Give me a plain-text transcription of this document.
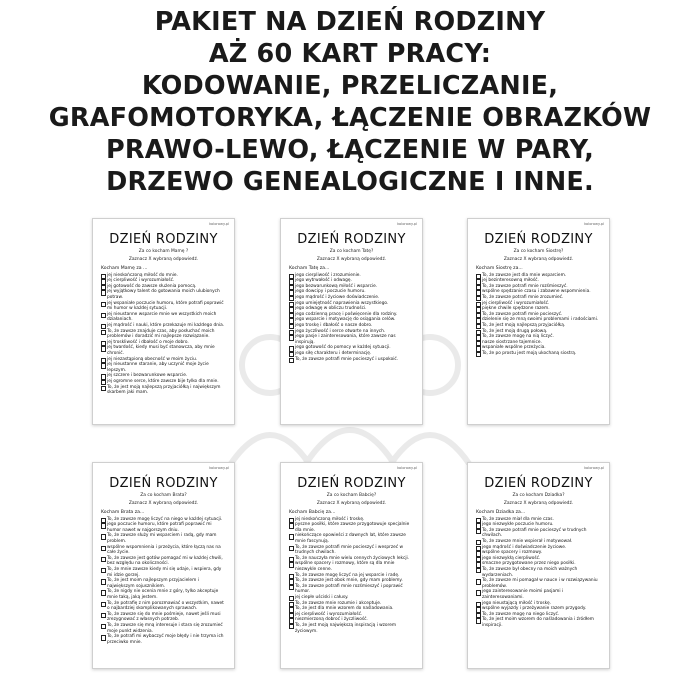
PAKIET NA DZIEŃ RODZINY
AŻ 60 KART PRACY:
KODOWANIE, PRZELICZANIE,
GRAFOMOTORYKA, ŁĄCZENIE OBRAZKÓW
PRAWO-LEWO, ŁĄCZENIE W PARY,
DRZEWO GENEALOGICZNE I INNE.
kolorowy.pl
DZIEŃ RODZINY
Za co kocham Mamę ?
Zaznacz X wybraną odpowiedź.
Kocham Mamę za ...
jej nieskończoną miłość do mnie.
jej cierpliwość i wyrozumiałość.
jej gotowość do zawsze służenia pomocą.
jej wyjątkowy talent do gotowania moich ulubionych potraw.
jej wspaniałe poczucie humoru, które potrafi poprawić mi humor w każdej sytuacji.
jej nieustanne wsparcie mnie we wszystkich moich działaniach.
jej mądrość i nauki, które przekazuje mi każdego dnia.
To, że zawsze znajduje czas, aby posłuchać moich problemów i doradzić mi najlepsze rozwiązanie.
jej troskliwość i dbałość o moje dobro.
jej twardość, kiedy musi być stanowcza, aby mnie chronić.
jej niezastąpioną obecność w moim życiu.
jej nieustanne staranie, aby uczynić moje życie lepszym.
jej szczere i bezwarunkowe wsparcie.
jej ogromne serce, które zawsze bije tylko dla mnie.
To, że jest moją najlepszą przyjaciółką i największym skarbem jaki mam.
kolorowy.pl
DZIEŃ RODZINY
Za co kocham Tatę?
Zaznacz X wybraną odpowiedź.
Kocham Tatę za...
jego cierpliwość i zrozumienie.
jego wytrwałość i odwagę.
jego bezwarunkową miłość i wsparcie.
jego dowcipy i poczucie humoru.
jego mądrość i życiowe doświadczenie.
jego umiejętność naprawienia wszystkiego.
jego odwagę w obliczu trudności.
jego codzienną pracę i poświęcenie dla rodziny.
jego wsparcie i motywację do osiągania celów.
jego troskę i dbałość o nasze dobro.
jego życzliwość i serce otwarte na innych.
jego pasje i zainteresowania, które zawsze nas inspirują.
jego gotowość do pomocy w każdej sytuacji.
jego siłę charakteru i determinację.
To, że zawsze potrafi mnie pocieszyć i uspokoić.
kolorowy.pl
DZIEŃ RODZINY
Za co kocham Siostrę?
Zaznacz X wybraną odpowiedź.
Kocham Siostrę za...
To, że zawsze jest dla mnie wsparciem.
jej bezinteresowną miłość.
To, że zawsze potrafi mnie rozśmieszyć.
wspólne spędzanie czasu i zabawne wspomnienia.
To, że zawsze potrafi mnie zrozumieć.
jej cierpliwość i wyrozumiałość.
piękne chwile spędzone razem.
To, że zawsze potrafi mnie pocieszyć.
dzielenie się ze mną swoimi problemami i radościami.
To, że jest moją najlepszą przyjaciółką.
To, że jest moją drugą połową.
To, że zawsze mogę na nią liczyć.
nasze siostrzane tajemnice.
wspaniałe wspólne przeżycia.
To, że po prostu jest moją ukochaną siostrą.
kolorowy.pl
DZIEŃ RODZINY
Za co kocham Brata?
Zaznacz X wybraną odpowiedź.
Kocham Brata za...
To, że zawsze mogę liczyć na niego w każdej sytuacji.
jego poczucie humoru, które potrafi poprawić mi humor nawet w najgorszym dniu.
To, że zawsze służy mi wsparciem i radą, gdy mam problem.
wspólne wspomnienia i przeżycia, które łączą nas na całe życie.
To, że zawsze jest gotów pomagać mi w każdej chwili, bez względu na okoliczności.
To, że mnie zawsze kiedy mi się udaje, i wspiera, gdy mi idzie gorzej.
To, że jest moim najlepszym przyjacielem i największym sojusznikiem.
To, że nigdy nie ocenia mnie z góry, tylko akceptuje mnie taką, jaką jestem.
To, że potrafię z nim porozmawiać o wszystkim, nawet o najbardziej skomplikowanych sprawach.
To, że zawsze się do mnie pośmieje, nawet jeśli musi zrezygnować z własnych potrzeb.
To, że zawsze się mną interesuje i stara się zrozumieć moje punkt widzenia.
To, że potrafi mi wybaczyć moje błędy i nie trzyma ich przeciwko mnie.
kolorowy.pl
DZIEŃ RODZINY
Za co kocham Babcię?
Zaznacz X wybraną odpowiedź.
Kocham Babcię za...
jej nieskończoną miłość i troskę.
pyszne posiłki, które zawsze przygotowuje specjalnie dla mnie.
niekończące opowieści z dawnych lat, które zawsze mnie fascynują.
To, że zawsze potrafi mnie pocieszyć i wesprzeć w trudnych chwilach.
To, że nauczyła mnie wielu cennych życiowych lekcji.
wspólne spacery i rozmowy, które są dla mnie niezwykle cenne.
To, że zawsze mogę liczyć na jej wsparcie i radę.
To, że zawsze jest obok mnie, gdy mam problemy.
To, że zawsze potrafi mnie rozśmieszyć i poprawić humor.
jej ciepłe uściski i całusy.
To, że zawsze mnie rozumie i akceptuje.
To, że jest dla mnie wzorem do naśladowania.
jej cierpliwość i wyrozumiałość.
niezmierzoną dobroć i życzliwość.
To, że jest moją największą inspiracją i wzorem życiowym.
kolorowy.pl
DZIEŃ RODZINY
Za co kocham Dziadka?
Zaznacz X wybraną odpowiedź.
Kocham Dziadka za...
To, że zawsze miał dla mnie czas.
jego niezwykłe poczucie humoru.
To, że zawsze potrafi mnie pocieszyć w trudnych chwilach.
To, że zawsze mnie wspierał i motywował.
jego mądrość i doświadczenie życiowe.
wspólne spacery i rozmowy.
jego niezwykłą cierpliwość.
smaczne przygotowane przez niego posiłki.
To, że zawsze był obecny na moich ważnych wydarzeniach.
To, że zawsze mi pomagał w nauce i w rozwiązywaniu problemów.
jego zainteresowanie moimi pasjami i zainteresowaniami.
jego nieustającą miłość i troskę.
wspólne wyjazdy i przeżywanie razem przygody.
To, że zawsze mogę na niego liczyć.
To, że jest moim wzorem do naśladowania i źródłem inspiracji.
